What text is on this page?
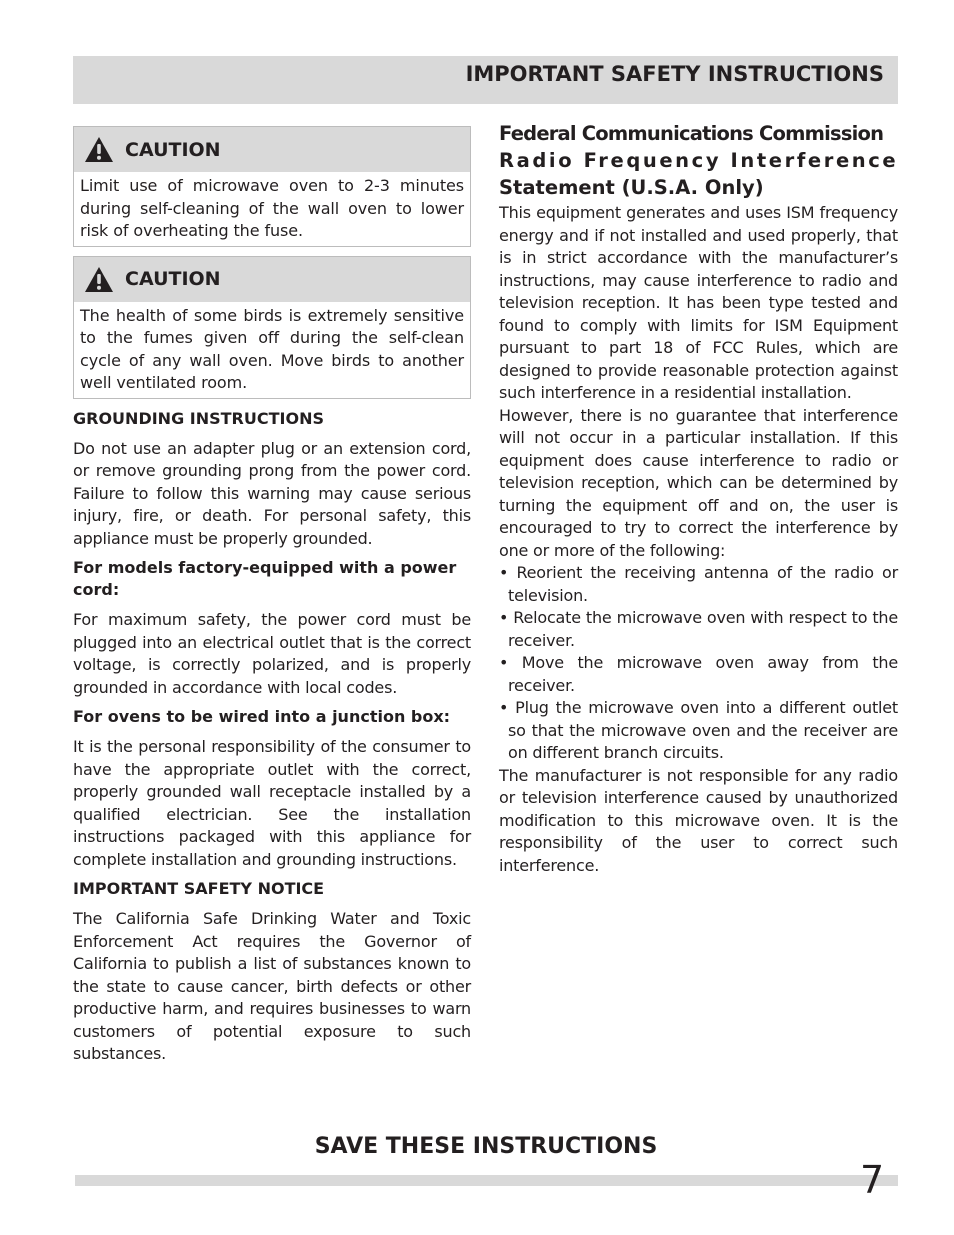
IMPORTANT SAFETY INSTRUCTIONS
CAUTION
Limit use of microwave oven to 2-3 minutes during self-cleaning of the wall oven to lower risk of overheating the fuse.
CAUTION
The health of some birds is extremely sensitive to the fumes given off during the self-clean cycle of any wall oven. Move birds to another well ventilated room.
GROUNDING INSTRUCTIONS

Do not use an adapter plug or an extension cord, or remove grounding prong from the power cord. Failure to follow this warning may cause serious injury, fire, or death. For personal safety, this appliance must be properly grounded.

For models factory-equipped with a power cord:

For maximum safety, the power cord must be plugged into an electrical outlet that is the correct voltage, is correctly polarized, and is properly grounded in accordance with local codes.

For ovens to be wired into a junction box:

It is the personal responsibility of the consumer to have the appropriate outlet with the correct, properly grounded wall receptacle installed by a qualified electrician. See the installation instructions packaged with this appliance for complete installation and grounding instructions.

IMPORTANT SAFETY NOTICE

The California Safe Drinking Water and Toxic Enforcement Act requires the Governor of California to publish a list of substances known to the state to cause cancer, birth defects or other productive harm, and requires businesses to warn customers of potential exposure to such substances.

Federal Communications Commission
Radio Frequency Interference
Statement (U.S.A. Only)

This equipment generates and uses ISM frequency energy and if not installed and used properly, that is in strict accordance with the manufacturer’s instructions, may cause interference to radio and television reception. It has been type tested and found to comply with limits for ISM Equipment pursuant to part 18 of FCC Rules, which are designed to provide reasonable protection against such interference in a residential installation.

However, there is no guarantee that interference will not occur in a particular installation. If this equipment does cause interference to radio or television reception, which can be determined by turning the equipment off and on, the user is encouraged to try to correct the interference by one or more of the following:

• Reorient the receiving antenna of the radio or television.
• Relocate the microwave oven with respect to the receiver.
• Move the microwave oven away from the receiver.
• Plug the microwave oven into a different outlet so that the microwave oven and the receiver are on different branch circuits.

The manufacturer is not responsible for any radio or television interference caused by unauthorized modification to this microwave oven. It is the responsibility of the user to correct such interference.

SAVE THESE INSTRUCTIONS
7
